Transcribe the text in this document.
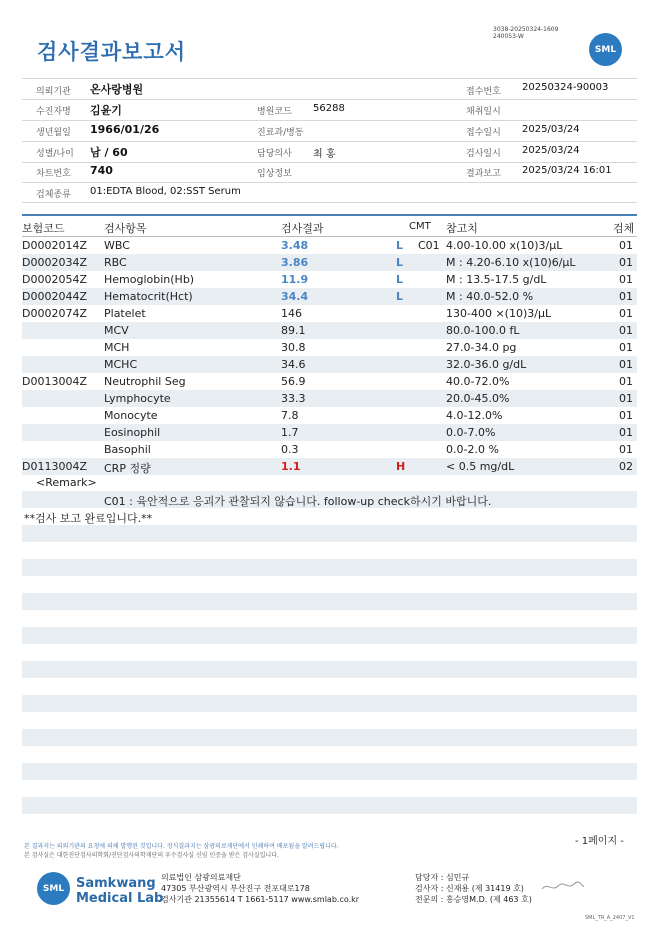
검사결과보고서
3038-20250324-1609
240053-W
SML
의뢰기관 온사랑병원	접수번호 20250324-90003
수진자명 김윤기	병원코드 56288	채취일시
생년월일 1966/01/26	진료과/병동	접수일시 2025/03/24
성별/나이 남 / 60	담당의사 최 홍	검사일시 2025/03/24
차트번호 740	임상정보	결과보고 2025/03/24 16:01
검체종류 01:EDTA Blood, 02:SST Serum
보험코드	검사항목	검사결과	CMT 참고치	검체
D0002014Z WBC	3.48	L C01 4.00-10.00 x(10)3/µL	01
D0002034Z RBC	3.86	L	M : 4.20-6.10 x(10)6/µL	01
D0002054Z Hemoglobin(Hb)	11.9	L	M : 13.5-17.5 g/dL	01
D0002044Z Hematocrit(Hct)	34.4	L	M : 40.0-52.0 %	01
D0002074Z Platelet	146	130-400 ×(10)3/µL	01
MCV	89.1	80.0-100.0 fL	01
MCH	30.8	27.0-34.0 pg	01
MCHC	34.6	32.0-36.0 g/dL	01
D0013004Z Neutrophil Seg	56.9	40.0-72.0%	01
Lymphocyte	33.3	20.0-45.0%	01
Monocyte	7.8	4.0-12.0%	01
Eosinophil	1.7	0.0-7.0%	01
Basophil	0.3	0.0-2.0 %	01
D0113004Z CRP 정량	1.1	H	< 0.5 mg/dL	02
<Remark>
C01 : 육안적으로 응괴가 관찰되지 않습니다. follow-up check하시기 바랍니다.
**검사 보고 완료입니다.**
- 1페이지 -
본 결과지는 의뢰기관의 요청에 의해 발행된 것입니다. 정식결과지는 삼광의료재단에서 인쇄하여 배포됨을 알려드립니다.
본 검사실은 대한진단검사의학회/진단검사의학재단의 우수검사실 신임 인증을 받은 검사실입니다.
SML Samkwang
Medical Lab
의료법인 삼광의료재단
47305 부산광역시 부산진구 전포대로178
검사기관 21355614 T 1661-5117 www.smlab.co.kr
담당자 : 심민규
검사자 : 신재용 (제 31419 호)
전문의 : 홍승영M.D. (제 463 호)
SML_TR_A_2407_V1
